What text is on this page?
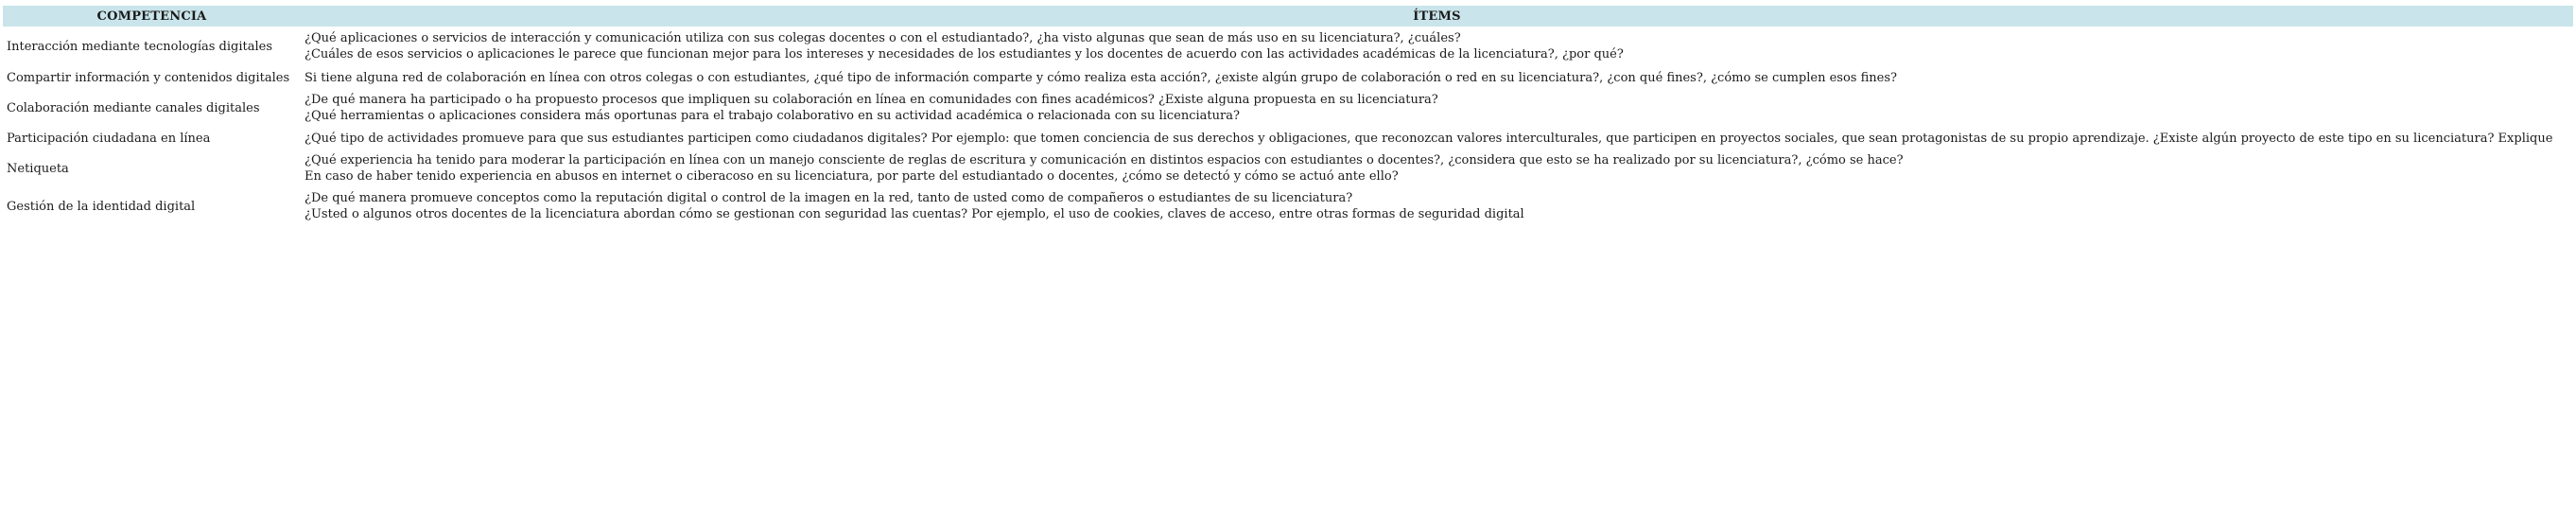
COMPETENCIA	ÍTEMS
Interacción mediante tecnologías digitales	¿Qué aplicaciones o servicios de interacción y comunicación utiliza con sus colegas docentes o con el estudiantado?, ¿ha visto algunas que sean de más uso en su licenciatura?, ¿cuáles?
¿Cuáles de esos servicios o aplicaciones le parece que funcionan mejor para los intereses y necesidades de los estudiantes y los docentes de acuerdo con las actividades académicas de la licenciatura?, ¿por qué?

Compartir información y contenidos digitales	Si tiene alguna red de colaboración en línea con otros colegas o con estudiantes, ¿qué tipo de información comparte y cómo realiza esta acción?, ¿existe algún grupo de colaboración o red en su licenciatura?, ¿con qué fines?, ¿cómo se cumplen esos fines?

Colaboración mediante canales digitales	¿De qué manera ha participado o ha propuesto procesos que impliquen su colaboración en línea en comunidades con fines académicos? ¿Existe alguna propuesta en su licenciatura?
¿Qué herramientas o aplicaciones considera más oportunas para el trabajo colaborativo en su actividad académica o relacionada con su licenciatura?

Participación ciudadana en línea	¿Qué tipo de actividades promueve para que sus estudiantes participen como ciudadanos digitales? Por ejemplo: que tomen conciencia de sus derechos y obligaciones, que reconozcan valores interculturales, que participen en proyectos sociales, que sean protagonistas de su propio aprendizaje. ¿Existe algún proyecto de este tipo en su licenciatura? Explique

Netiqueta	¿Qué experiencia ha tenido para moderar la participación en línea con un manejo consciente de reglas de escritura y comunicación en distintos espacios con estudiantes o docentes?, ¿considera que esto se ha realizado por su licenciatura?, ¿cómo se hace?
En caso de haber tenido experiencia en abusos en internet o ciberacoso en su licenciatura, por parte del estudiantado o docentes, ¿cómo se detectó y cómo se actuó ante ello?

Gestión de la identidad digital	¿De qué manera promueve conceptos como la reputación digital o control de la imagen en la red, tanto de usted como de compañeros o estudiantes de su licenciatura?
¿Usted o algunos otros docentes de la licenciatura abordan cómo se gestionan con seguridad las cuentas? Por ejemplo, el uso de cookies, claves de acceso, entre otras formas de seguridad digital
